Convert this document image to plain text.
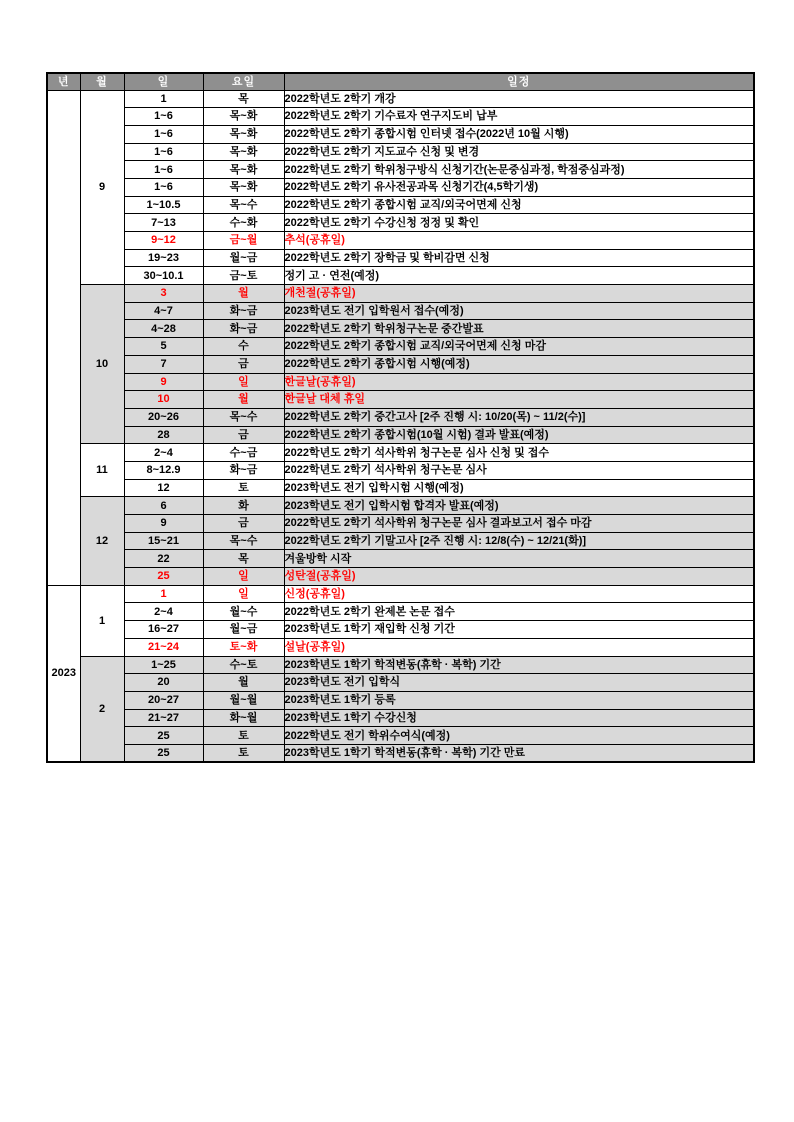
년	월	일	요일	일정
	9	1	목	2022학년도 2학기 개강
		1~6	목~화	2022학년도 2학기 기수료자 연구지도비 납부
		1~6	목~화	2022학년도 2학기 종합시험 인터넷 접수(2022년 10월 시행)
		1~6	목~화	2022학년도 2학기 지도교수 신청 및 변경
		1~6	목~화	2022학년도 2학기 학위청구방식 신청기간(논문중심과정, 학점중심과정)
		1~6	목~화	2022학년도 2학기 유사전공과목 신청기간(4,5학기생)
		1~10.5	목~수	2022학년도 2학기 종합시험 교직/외국어면제 신청
		7~13	수~화	2022학년도 2학기 수강신청 정정 및 확인
		9~12	금~월	추석(공휴일)
		19~23	월~금	2022학년도 2학기 장학금 및 학비감면 신청
		30~10.1	금~토	정기 고 · 연전(예정)
	10	3	월	개천절(공휴일)
		4~7	화~금	2023학년도 전기 입학원서 접수(예정)
		4~28	화~금	2022학년도 2학기 학위청구논문 중간발표
		5	수	2022학년도 2학기 종합시험 교직/외국어면제 신청 마감
		7	금	2022학년도 2학기 종합시험 시행(예정)
		9	일	한글날(공휴일)
		10	월	한글날 대체 휴일
		20~26	목~수	2022학년도 2학기 중간고사 [2주 진행 시: 10/20(목) ~ 11/2(수)]
		28	금	2022학년도 2학기 종합시험(10월 시험) 결과 발표(예정)
	11	2~4	수~금	2022학년도 2학기 석사학위 청구논문 심사 신청 및 접수
		8~12.9	화~금	2022학년도 2학기 석사학위 청구논문 심사
		12	토	2023학년도 전기 입학시험 시행(예정)
	12	6	화	2023학년도 전기 입학시험 합격자 발표(예정)
		9	금	2022학년도 2학기 석사학위 청구논문 심사 결과보고서 접수 마감
		15~21	목~수	2022학년도 2학기 기말고사 [2주 진행 시: 12/8(수) ~ 12/21(화)]
		22	목	겨울방학 시작
		25	일	성탄절(공휴일)
2023	1	1	일	신정(공휴일)
		2~4	월~수	2022학년도 2학기 완제본 논문 접수
		16~27	월~금	2023학년도 1학기 재입학 신청 기간
		21~24	토~화	설날(공휴일)
	2	1~25	수~토	2023학년도 1학기 학적변동(휴학 · 복학) 기간
		20	월	2023학년도 전기 입학식
		20~27	월~월	2023학년도 1학기 등록
		21~27	화~월	2023학년도 1학기 수강신청
		25	토	2022학년도 전기 학위수여식(예정)
		25	토	2023학년도 1학기 학적변동(휴학 · 복학) 기간 만료
